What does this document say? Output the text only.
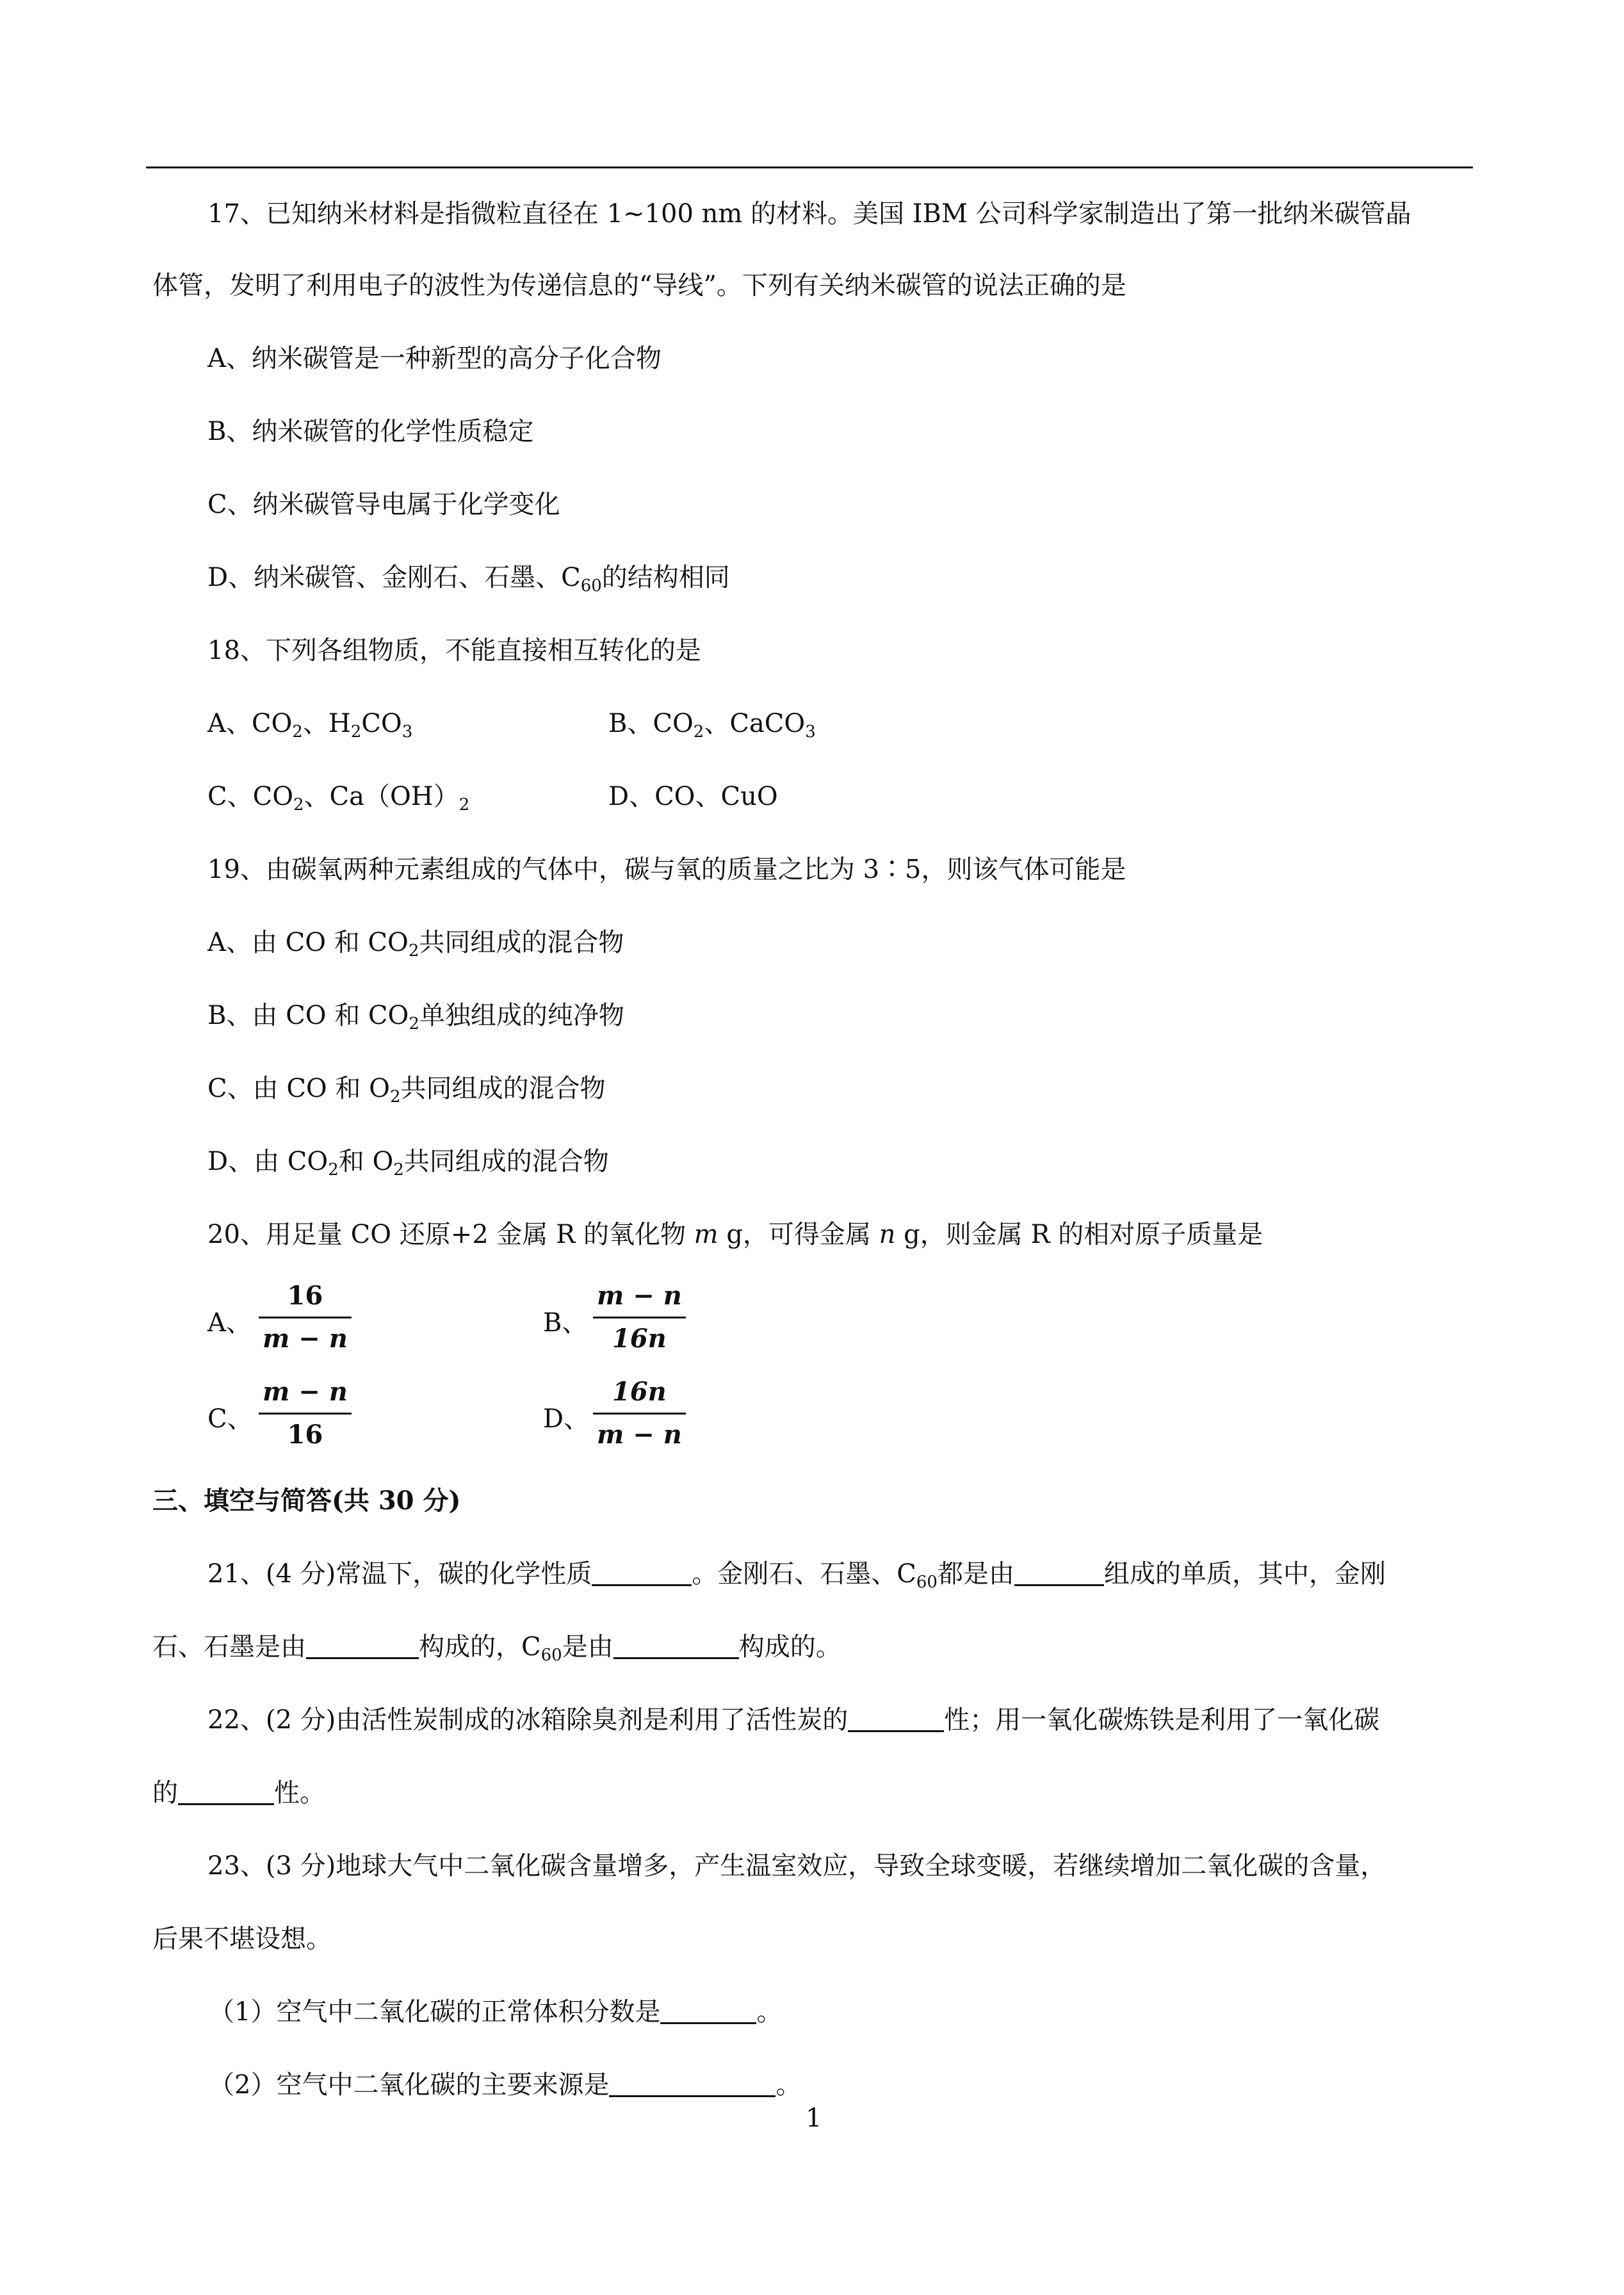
17、已知纳米材料是指微粒直径在 1~100 nm 的材料。美国 IBM 公司科学家制造出了第一批纳米碳管晶
体管，发明了利用电子的波性为传递信息的“导线”。下列有关纳米碳管的说法正确的是
A、纳米碳管是一种新型的高分子化合物
B、纳米碳管的化学性质稳定
C、纳米碳管导电属于化学变化
D、纳米碳管、金刚石、石墨、$C_{60}$的结构相同
18、下列各组物质，不能直接相互转化的是
A、$CO_2$、$H_2CO_3$	B、$CO_2$、CaCO$_3$
C、$CO_2$、$Ca(OH)_2$	D、CO、CuO
19、由碳氧两种元素组成的气体中，碳与氧的质量之比为 3∶5，则该气体可能是
A、由 CO 和 $CO_2$共同组成的混合物
B、由 CO 和 $CO_2$单独组成的纯净物
C、由 CO 和 $O_2$共同组成的混合物
D、由 $CO_2$和 $O_2$共同组成的混合物
20、用足量 CO 还原+2 金属 R 的氧化物 m g，可得金属 n g，则金属 R 的相对原子质量是
A、
16
m − n
B、
m − n
16n
C、
m − n
16
D、
16n
m − n
三、填空与简答(共 30 分)
21、(4 分)常温下，碳的化学性质	。金刚石、石墨、$C_{60}$都是由	组成的单质，其中，金刚
石、石墨是由	构成的，$C_{60}$是由	构成的。
22、(2 分)由活性炭制成的冰箱除臭剂是利用了活性炭的	性；用一氧化碳炼铁是利用了一氧化碳
的	性。
23、(3 分)地球大气中二氧化碳含量增多，产生温室效应，导致全球变暖，若继续增加二氧化碳的含量，
后果不堪设想。
（1）空气中二氧化碳的正常体积分数是	。
（2）空气中二氧化碳的主要来源是	。
1
